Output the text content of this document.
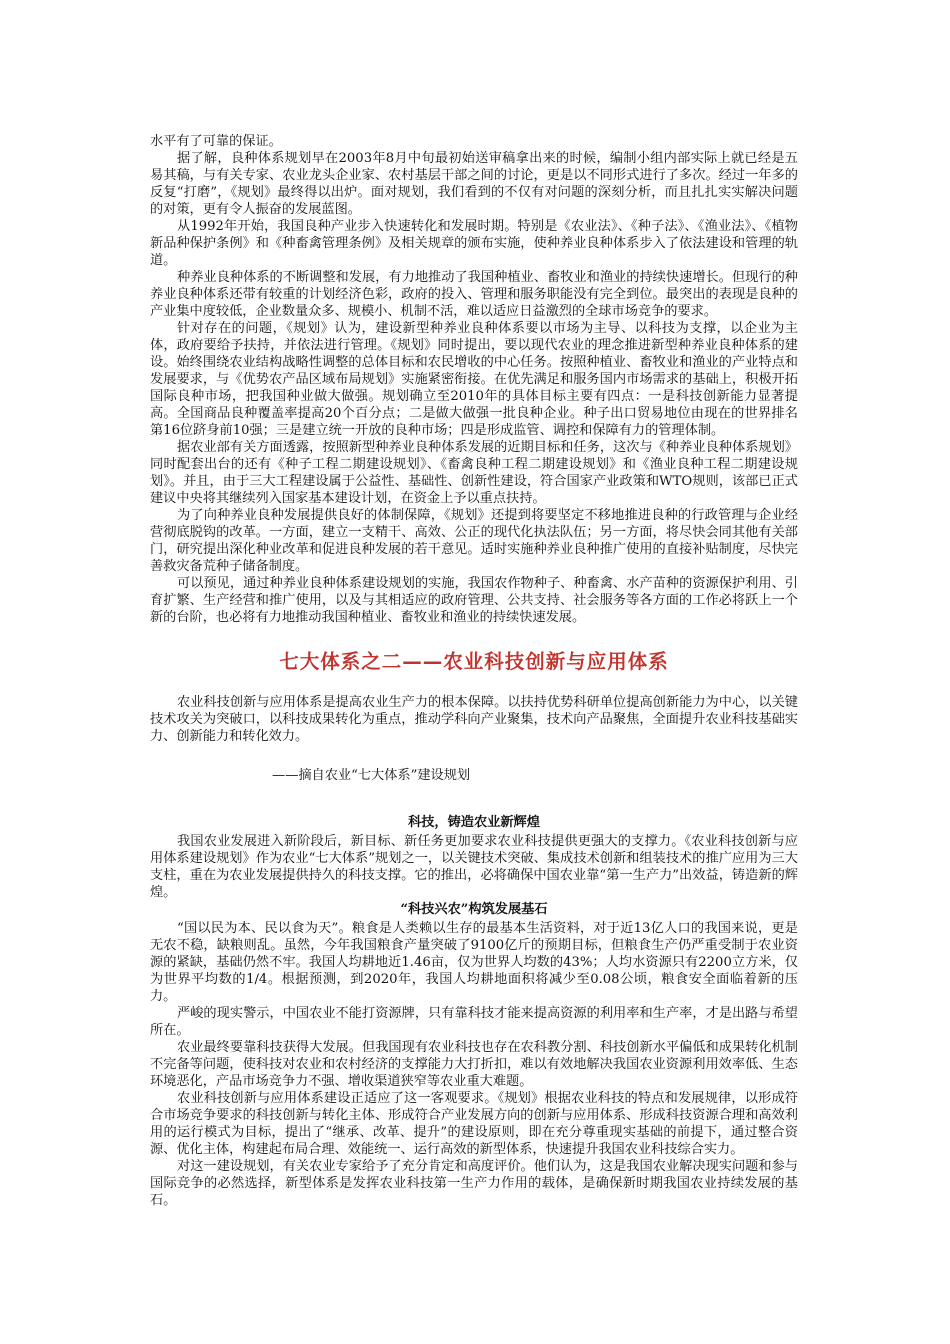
水平有了可靠的保证。

据了解，良种体系规划早在2003年8月中旬最初始送审稿拿出来的时候，编制小组内部实际上就已经是五易其稿，与有关专家、农业龙头企业家、农村基层干部之间的讨论，更是以不同形式进行了多次。经过一年多的反复“打磨”，《规划》最终得以出炉。面对规划，我们看到的不仅有对问题的深刻分析，而且扎扎实实解决问题的对策，更有令人振奋的发展蓝图。

从1992年开始，我国良种产业步入快速转化和发展时期。特别是《农业法》、《种子法》、《渔业法》、《植物新品种保护条例》和《种畜禽管理条例》及相关规章的颁布实施，使种养业良种体系步入了依法建设和管理的轨道。

种养业良种体系的不断调整和发展，有力地推动了我国种植业、畜牧业和渔业的持续快速增长。但现行的种养业良种体系还带有较重的计划经济色彩，政府的投入、管理和服务职能没有完全到位。最突出的表现是良种的产业集中度较低，企业数量众多、规模小、机制不活，难以适应日益激烈的全球市场竞争的要求。

针对存在的问题，《规划》认为，建设新型种养业良种体系要以市场为主导、以科技为支撑，以企业为主体，政府要给予扶持，并依法进行管理。《规划》同时提出，要以现代农业的理念推进新型种养业良种体系的建设。始终围绕农业结构战略性调整的总体目标和农民增收的中心任务。按照种植业、畜牧业和渔业的产业特点和发展要求，与《优势农产品区域布局规划》实施紧密衔接。在优先满足和服务国内市场需求的基础上，积极开拓国际良种市场，把我国种业做大做强。规划确立至2010年的具体目标主要有四点：一是科技创新能力显著提高。全国商品良种覆盖率提高20个百分点；二是做大做强一批良种企业。种子出口贸易地位由现在的世界排名第16位跻身前10强；三是建立统一开放的良种市场；四是形成监管、调控和保障有力的管理体制。

据农业部有关方面透露，按照新型种养业良种体系发展的近期目标和任务，这次与《种养业良种体系规划》同时配套出台的还有《种子工程二期建设规划》、《畜禽良种工程二期建设规划》和《渔业良种工程二期建设规划》。并且，由于三大工程建设属于公益性、基础性、创新性建设，符合国家产业政策和WTO规则，该部已正式建议中央将其继续列入国家基本建设计划，在资金上予以重点扶持。

为了向种养业良种发展提供良好的体制保障，《规划》还提到将要坚定不移地推进良种的行政管理与企业经营彻底脱钩的改革。一方面，建立一支精干、高效、公正的现代化执法队伍；另一方面，将尽快会同其他有关部门，研究提出深化种业改革和促进良种发展的若干意见。适时实施种养业良种推广使用的直接补贴制度，尽快完善救灾备荒种子储备制度。

可以预见，通过种养业良种体系建设规划的实施，我国农作物种子、种畜禽、水产苗种的资源保护利用、引育扩繁、生产经营和推广使用，以及与其相适应的政府管理、公共支持、社会服务等各方面的工作必将跃上一个新的台阶，也必将有力地推动我国种植业、畜牧业和渔业的持续快速发展。

七大体系之二——农业科技创新与应用体系

农业科技创新与应用体系是提高农业生产力的根本保障。以扶持优势科研单位提高创新能力为中心，以关键技术攻关为突破口，以科技成果转化为重点，推动学科向产业聚集，技术向产品聚焦，全面提升农业科技基础实力、创新能力和转化效力。

——摘自农业“七大体系”建设规划

科技，铸造农业新辉煌

我国农业发展进入新阶段后，新目标、新任务更加要求农业科技提供更强大的支撑力。《农业科技创新与应用体系建设规划》作为农业“七大体系”规划之一，以关键技术突破、集成技术创新和组装技术的推广应用为三大支柱，重在为农业发展提供持久的科技支撑。它的推出，必将确保中国农业靠“第一生产力”出效益，铸造新的辉煌。

“科技兴农”构筑发展基石

“国以民为本、民以食为天”。粮食是人类赖以生存的最基本生活资料，对于近13亿人口的我国来说，更是无农不稳，缺粮则乱。虽然，今年我国粮食产量突破了9100亿斤的预期目标，但粮食生产仍严重受制于农业资源的紧缺，基础仍然不牢。我国人均耕地近1.46亩，仅为世界人均数的43%；人均水资源只有2200立方米，仅为世界平均数的1/4。根据预测，到2020年，我国人均耕地面积将减少至0.08公顷，粮食安全面临着新的压力。

严峻的现实警示，中国农业不能打资源牌，只有靠科技才能来提高资源的利用率和生产率，才是出路与希望所在。

农业最终要靠科技获得大发展。但我国现有农业科技也存在农科教分割、科技创新水平偏低和成果转化机制不完备等问题，使科技对农业和农村经济的支撑能力大打折扣，难以有效地解决我国农业资源利用效率低、生态环境恶化，产品市场竞争力不强、增收渠道狭窄等农业重大难题。

农业科技创新与应用体系建设正适应了这一客观要求。《规划》根据农业科技的特点和发展规律，以形成符合市场竞争要求的科技创新与转化主体、形成符合产业发展方向的创新与应用体系、形成科技资源合理和高效利用的运行模式为目标，提出了“继承、改革、提升”的建设原则，即在充分尊重现实基础的前提下，通过整合资源、优化主体，构建起布局合理、效能统一、运行高效的新型体系，快速提升我国农业科技综合实力。

对这一建设规划，有关农业专家给予了充分肯定和高度评价。他们认为，这是我国农业解决现实问题和参与国际竞争的必然选择，新型体系是发挥农业科技第一生产力作用的载体，是确保新时期我国农业持续发展的基石。
